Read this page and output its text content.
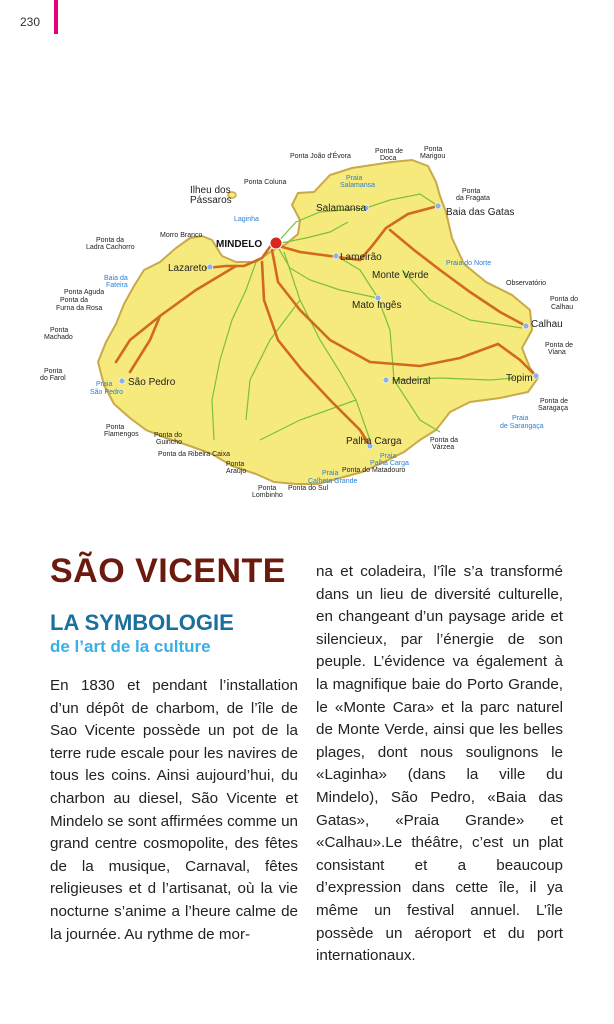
230
MINDELO
Salamansa	Baia das Gatas
Lameirão
Monte Verde
Mato Ingês
Calhau
Madeiral	Topim
São Pedro
Lazareto
Palha Carga
Ilheu dos
Pássaros
Ponta João d'Évora
Ponta de
Doca
Ponta
Marigou
Ponta Coluna
Ponta
da Fragata
Morro Branco
Ponta da
Ladra Cachorro
Observatório
Ponta Aguda
Ponta da
Furna da Rosa
Ponta do
Calhau
Ponta
Machado
Ponta de
Viana
Ponta
do Farol
Ponta de
Saragaça
Ponta
Flamengos Ponta do
Guincho
Ponta da Ribeira Caixa
Ponta da
Várzea
Ponta
Araújo	Ponta do Matadouro
Ponta
Lombinho
Ponta do Sul
Praia
Salamansa
Laginha
Baia da
Fateira
Praia do Norte
Praia
São Pedro
Praia
de Sarangaça
Praia
Palha Carga
Praia
Calheta Grande
SÃO VICENTE
LA SYMBOLOGIE
de l’art de la culture

En 1830 et pendant l’installation d’un dépôt de charbom, de l’île de Sao Vicente possède un pot de la terre rude escale pour les navires de tous les coins. Ainsi aujourd’hui, du charbon au diesel, São Vicente et Mindelo se sont affirmées comme un grand centre cosmopolite, des fêtes de la musique, Carnaval, fêtes religieuses et d l’artisanat, où la vie nocturne s’anime a l’heure calme de la journée. Au rythme de mor-

na et coladeira, l’île s’a transformé dans un lieu de diversité culturelle, en changeant d’un paysage aride et silencieux, par l’énergie de son peuple. L’évidence va également à la magnifique baie do Porto Grande, le «Monte Cara» et la parc naturel de Monte Verde, ainsi que les belles plages, dont nous soulignons le «Laginha» (dans la ville du Mindelo), São Pedro, «Baia das Gatas», «Praia Grande» et «Calhau».Le théâtre, c’est un plat consistant et a beaucoup d’expression dans cette île, il ya même un festival annuel. L’île possède un aéroport et du port internationaux.
